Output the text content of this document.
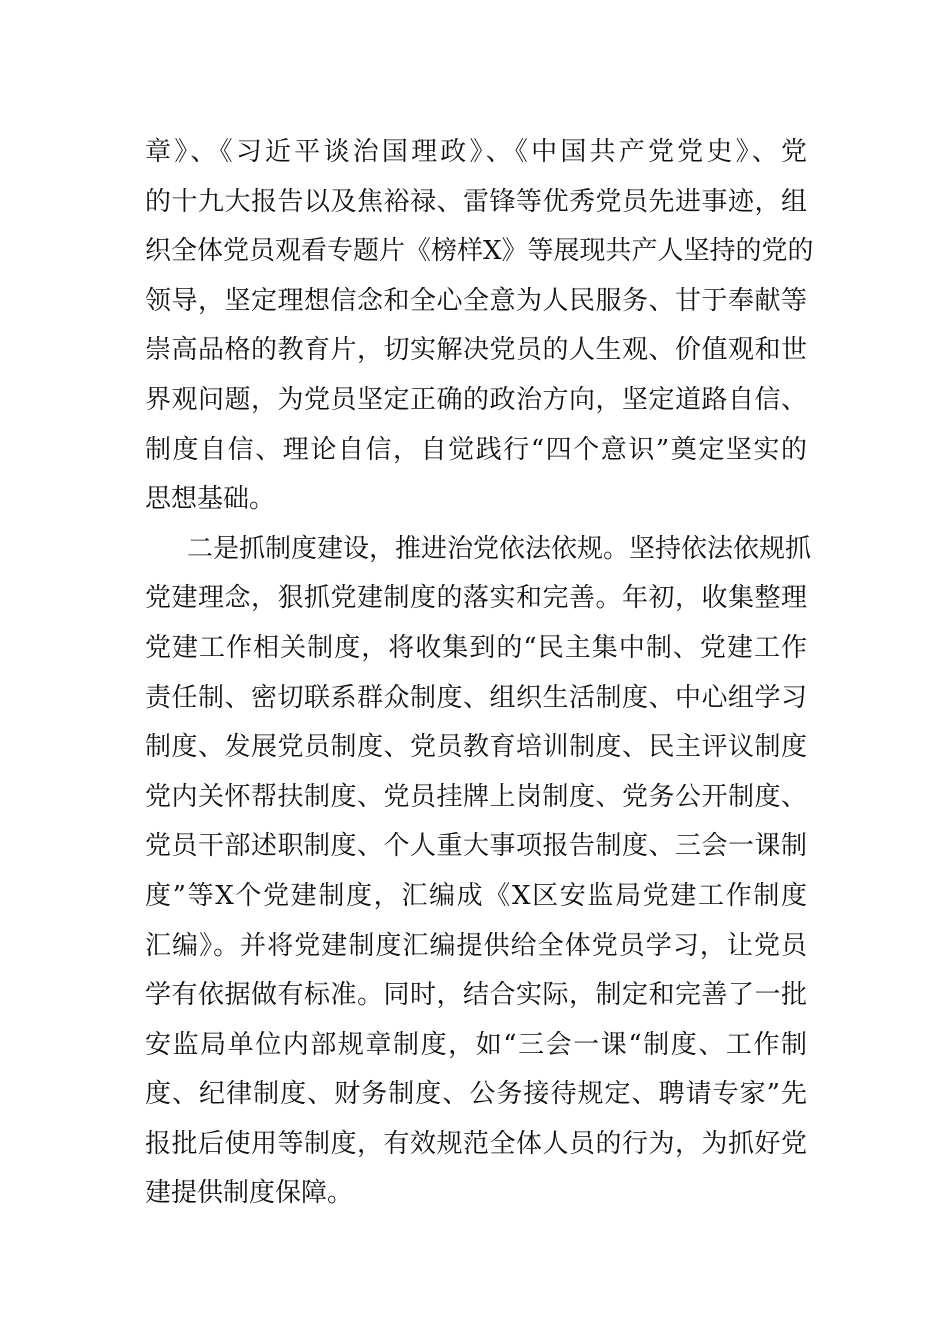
章》、《习近平谈治国理政》、《中国共产党党史》、党
的十九大报告以及焦裕禄、雷锋等优秀党员先进事迹，组
织全体党员观看专题片《榜样X》等展现共产人坚持的党的
领导，坚定理想信念和全心全意为人民服务、甘于奉献等
崇高品格的教育片，切实解决党员的人生观、价值观和世
界观问题，为党员坚定正确的政治方向，坚定道路自信、
制度自信、理论自信，自觉践行“四个意识”奠定坚实的
思想基础。
二是抓制度建设，推进治党依法依规。坚持依法依规抓
党建理念，狠抓党建制度的落实和完善。年初，收集整理
党建工作相关制度，将收集到的“民主集中制、党建工作
责任制、密切联系群众制度、组织生活制度、中心组学习
制度、发展党员制度、党员教育培训制度、民主评议制度
党内关怀帮扶制度、党员挂牌上岗制度、党务公开制度、
党员干部述职制度、个人重大事项报告制度、三会一课制
度”等X个党建制度，汇编成《X区安监局党建工作制度
汇编》。并将党建制度汇编提供给全体党员学习，让党员
学有依据做有标准。同时，结合实际，制定和完善了一批
安监局单位内部规章制度，如“三会一课“制度、工作制
度、纪律制度、财务制度、公务接待规定、聘请专家”先
报批后使用等制度，有效规范全体人员的行为，为抓好党
建提供制度保障。
